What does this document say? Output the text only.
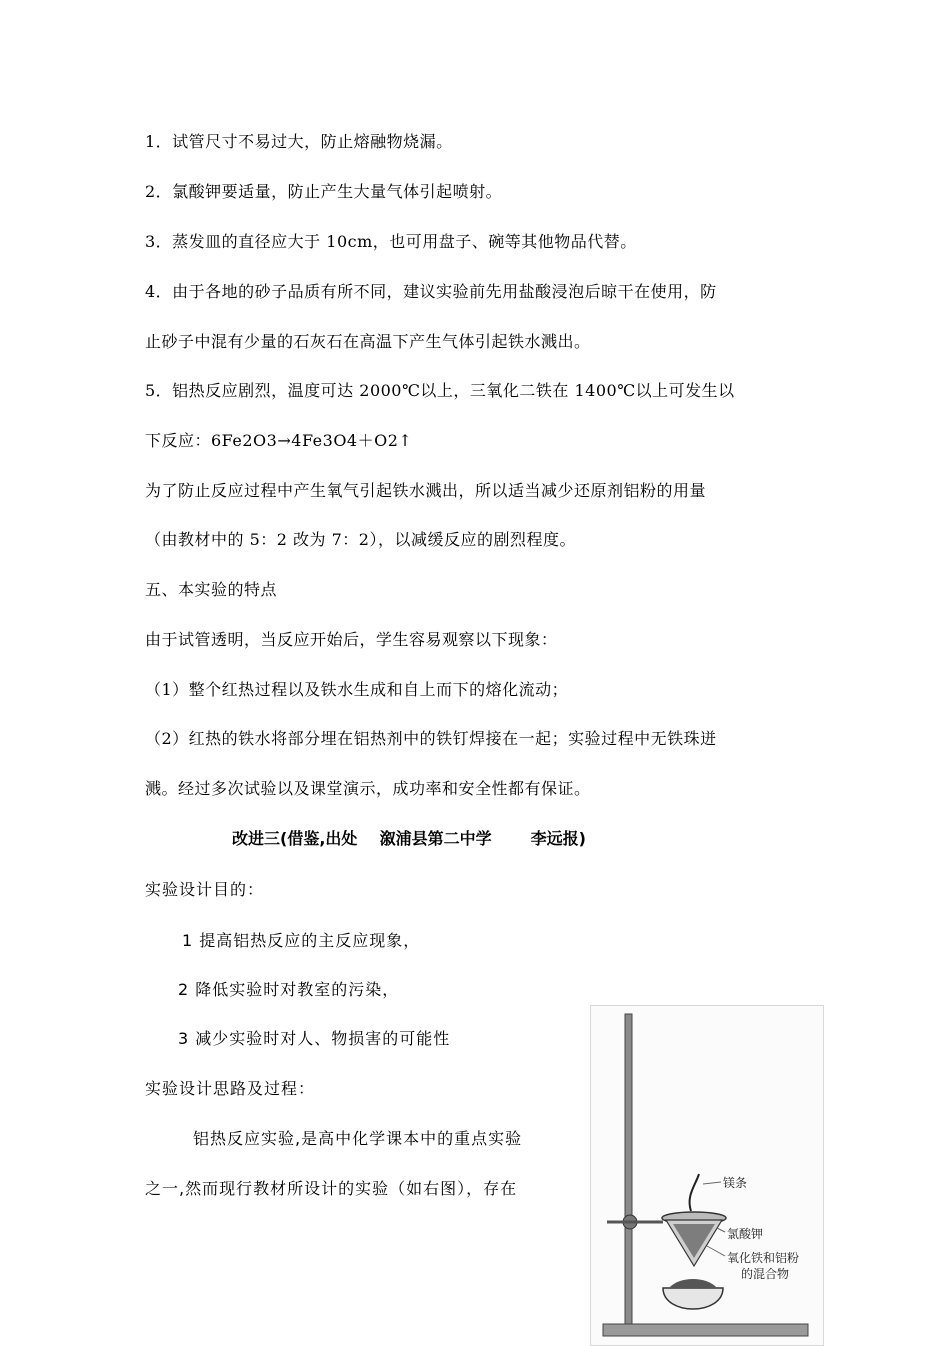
1．试管尺寸不易过大，防止熔融物烧漏。
2．氯酸钾要适量，防止产生大量气体引起喷射。
3．蒸发皿的直径应大于 10cm，也可用盘子、碗等其他物品代替。
4．由于各地的砂子品质有所不同，建议实验前先用盐酸浸泡后晾干在使用，防
止砂子中混有少量的石灰石在高温下产生气体引起铁水溅出。
5．铝热反应剧烈，温度可达 2000℃以上，三氧化二铁在 1400℃以上可发生以
下反应：6Fe2O3→4Fe3O4＋O2↑
为了防止反应过程中产生氧气引起铁水溅出，所以适当减少还原剂铝粉的用量
（由教材中的 5：2 改为 7：2），以减缓反应的剧烈程度。
五、本实验的特点
由于试管透明，当反应开始后，学生容易观察以下现象：
（1）整个红热过程以及铁水生成和自上而下的熔化流动；
（2）红热的铁水将部分埋在铝热剂中的铁钉焊接在一起；实验过程中无铁珠迸
溅。经过多次试验以及课堂演示，成功率和安全性都有保证。
改进三(借鉴,出处    溆浦县第二中学       李远报)
实验设计目的：
1 提高铝热反应的主反应现象，
2 降低实验时对教室的污染，
3 减少实验时对人、物损害的可能性
实验设计思路及过程：
铝热反应实验,是高中化学课本中的重点实验
之一,然而现行教材所设计的实验（如右图），存在	镁条
氯酸钾
氧化铁和铝粉
的混合物
